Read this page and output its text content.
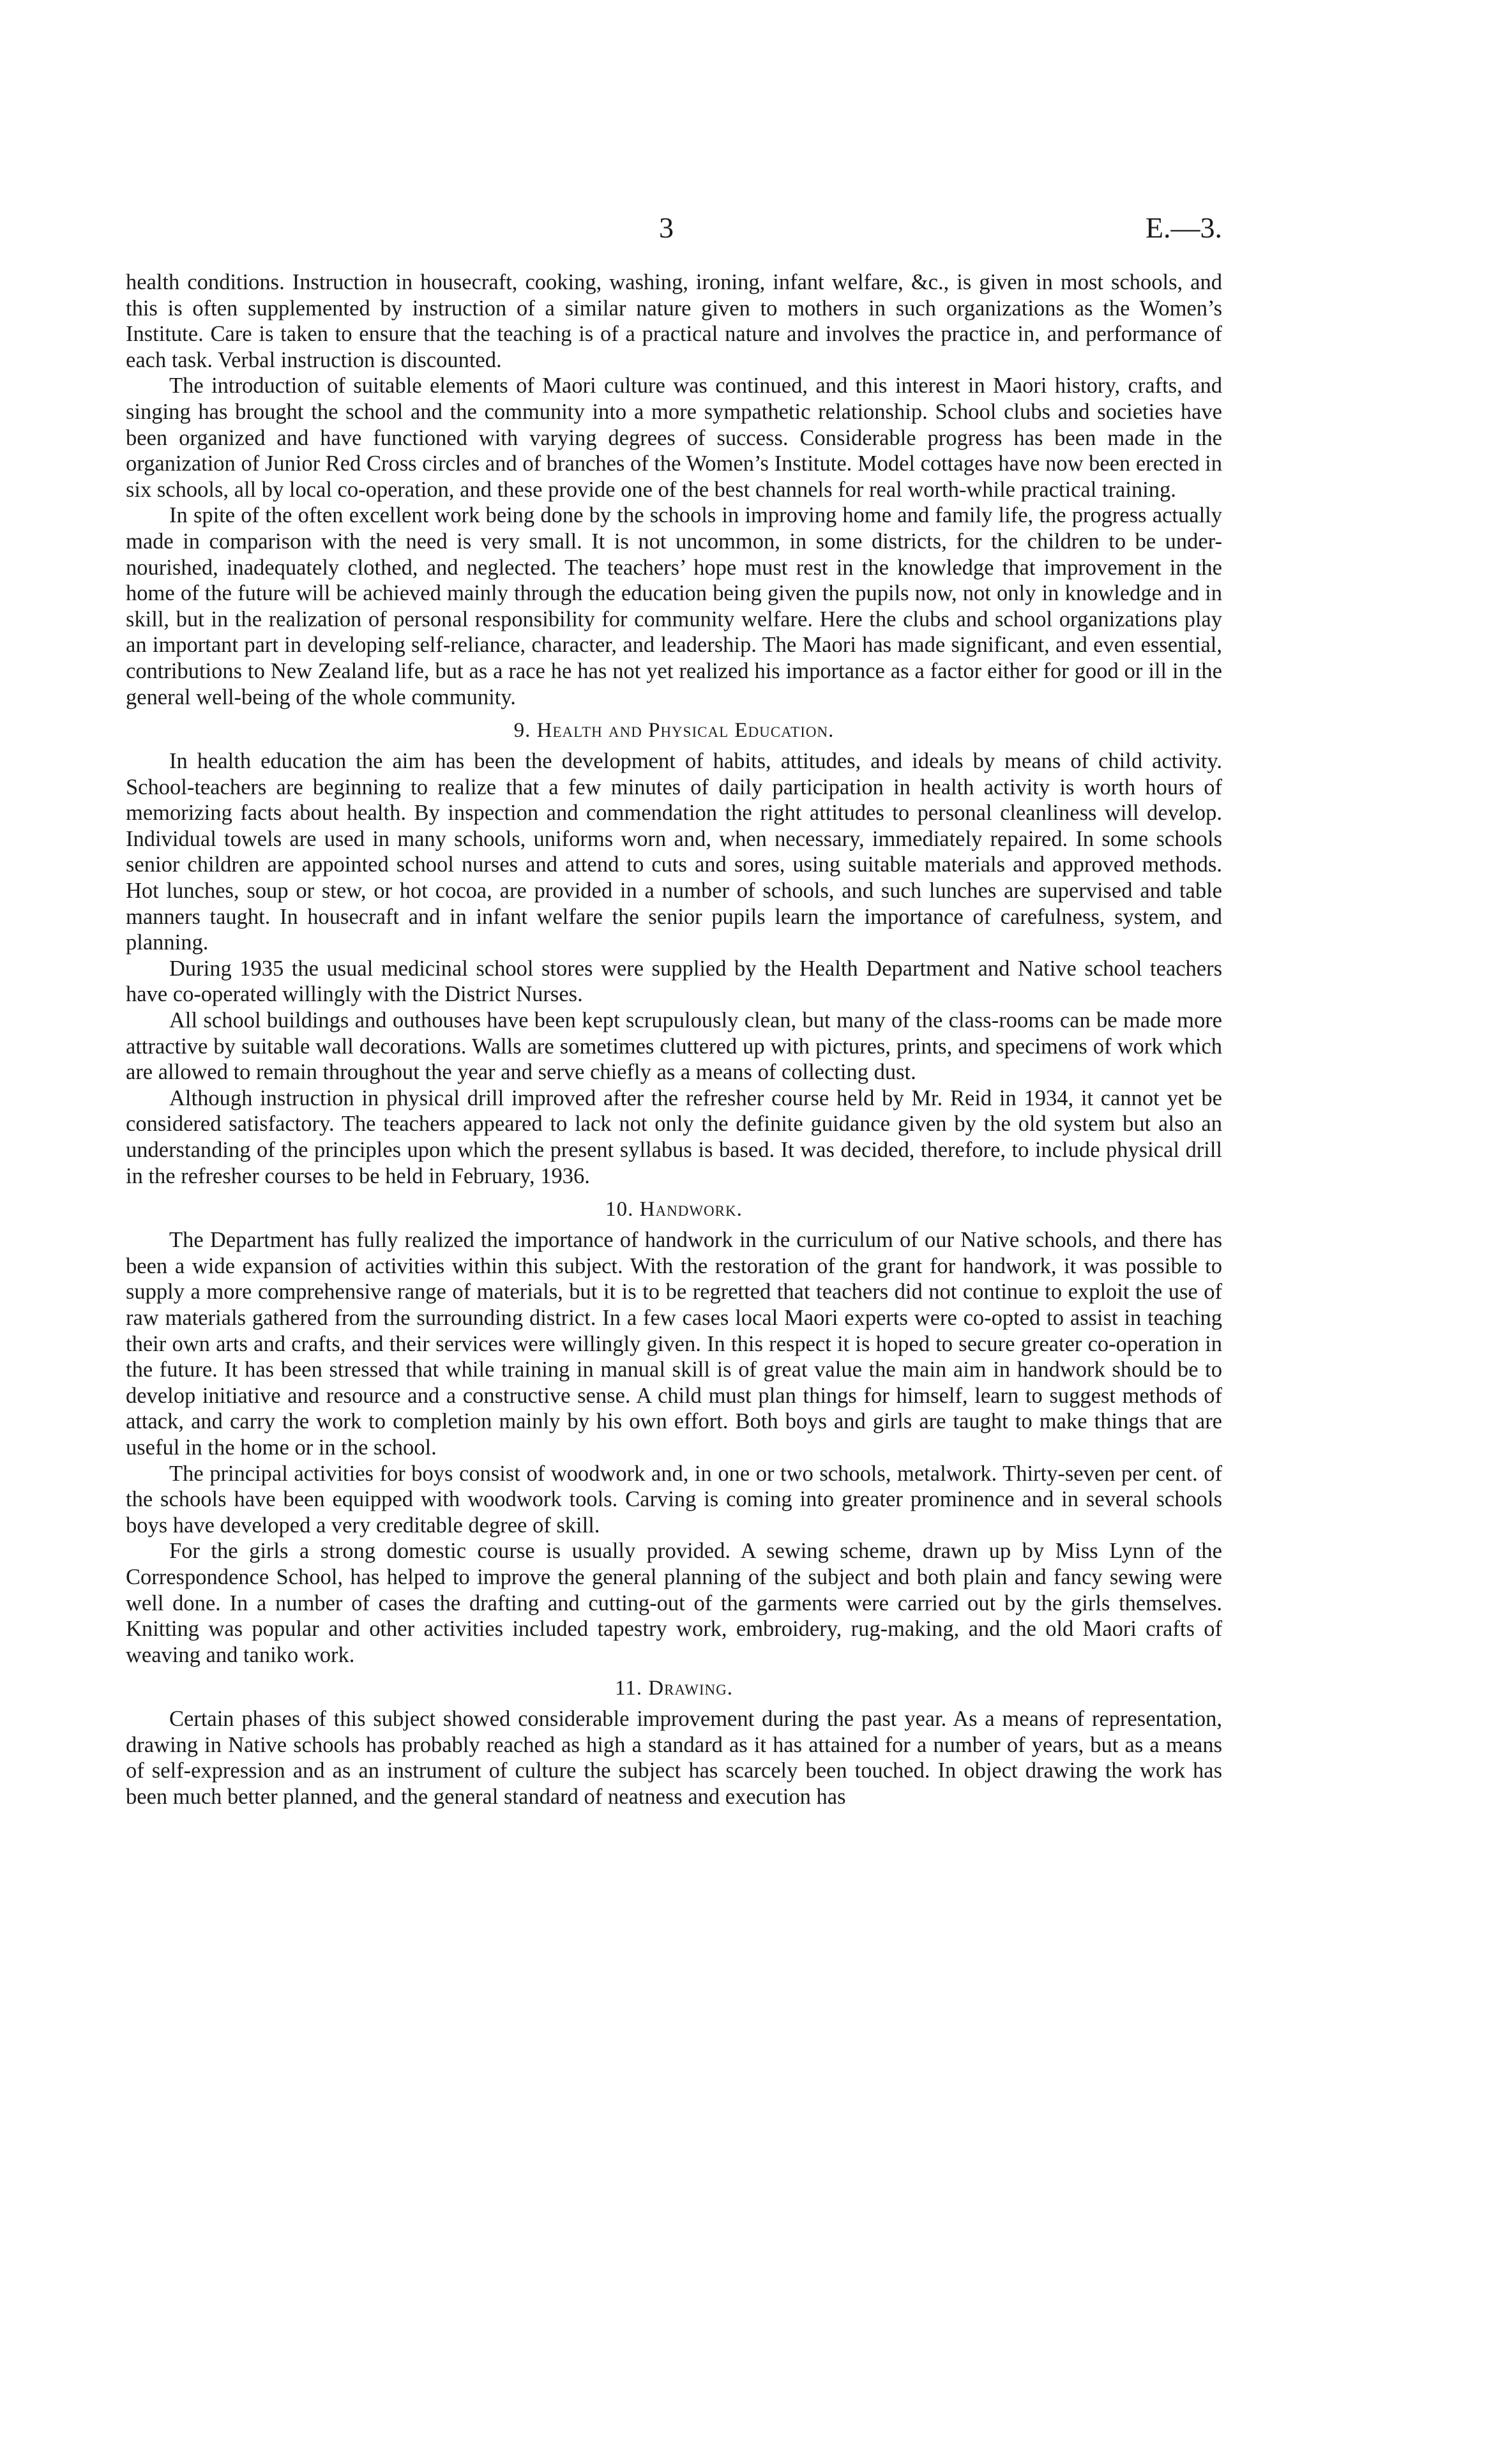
3	E.—3.

health conditions. Instruction in housecraft, cooking, washing, ironing, infant welfare, &c., is given in most schools, and this is often supplemented by instruction of a similar nature given to mothers in such organizations as the Women’s Institute. Care is taken to ensure that the teaching is of a practical nature and involves the practice in, and performance of each task. Verbal instruction is discounted.

The introduction of suitable elements of Maori culture was continued, and this interest in Maori history, crafts, and singing has brought the school and the community into a more sympathetic relationship. School clubs and societies have been organized and have functioned with varying degrees of success. Considerable progress has been made in the organization of Junior Red Cross circles and of branches of the Women’s Institute. Model cottages have now been erected in six schools, all by local co-operation, and these provide one of the best channels for real worth-while practical training.

In spite of the often excellent work being done by the schools in improving home and family life, the progress actually made in comparison with the need is very small. It is not uncommon, in some districts, for the children to be under-nourished, inadequately clothed, and neglected. The teachers’ hope must rest in the knowledge that improvement in the home of the future will be achieved mainly through the education being given the pupils now, not only in knowledge and in skill, but in the realization of personal responsibility for community welfare. Here the clubs and school organizations play an important part in developing self-reliance, character, and leadership. The Maori has made significant, and even essential, contributions to New Zealand life, but as a race he has not yet realized his importance as a factor either for good or ill in the general well-being of the whole community.

9. Health and Physical Education.

In health education the aim has been the development of habits, attitudes, and ideals by means of child activity. School-teachers are beginning to realize that a few minutes of daily participation in health activity is worth hours of memorizing facts about health. By inspection and commendation the right attitudes to personal cleanliness will develop. Individual towels are used in many schools, uniforms worn and, when necessary, immediately repaired. In some schools senior children are appointed school nurses and attend to cuts and sores, using suitable materials and approved methods. Hot lunches, soup or stew, or hot cocoa, are provided in a number of schools, and such lunches are supervised and table manners taught. In housecraft and in infant welfare the senior pupils learn the importance of carefulness, system, and planning.

During 1935 the usual medicinal school stores were supplied by the Health Department and Native school teachers have co-operated willingly with the District Nurses.

All school buildings and outhouses have been kept scrupulously clean, but many of the class-rooms can be made more attractive by suitable wall decorations. Walls are sometimes cluttered up with pictures, prints, and specimens of work which are allowed to remain throughout the year and serve chiefly as a means of collecting dust.

Although instruction in physical drill improved after the refresher course held by Mr. Reid in 1934, it cannot yet be considered satisfactory. The teachers appeared to lack not only the definite guidance given by the old system but also an understanding of the principles upon which the present syllabus is based. It was decided, therefore, to include physical drill in the refresher courses to be held in February, 1936.

10. Handwork.

The Department has fully realized the importance of handwork in the curriculum of our Native schools, and there has been a wide expansion of activities within this subject. With the restoration of the grant for handwork, it was possible to supply a more comprehensive range of materials, but it is to be regretted that teachers did not continue to exploit the use of raw materials gathered from the surrounding district. In a few cases local Maori experts were co-opted to assist in teaching their own arts and crafts, and their services were willingly given. In this respect it is hoped to secure greater co-operation in the future. It has been stressed that while training in manual skill is of great value the main aim in handwork should be to develop initiative and resource and a constructive sense. A child must plan things for himself, learn to suggest methods of attack, and carry the work to completion mainly by his own effort. Both boys and girls are taught to make things that are useful in the home or in the school.

The principal activities for boys consist of woodwork and, in one or two schools, metalwork. Thirty-seven per cent. of the schools have been equipped with woodwork tools. Carving is coming into greater prominence and in several schools boys have developed a very creditable degree of skill.

For the girls a strong domestic course is usually provided. A sewing scheme, drawn up by Miss Lynn of the Correspondence School, has helped to improve the general planning of the subject and both plain and fancy sewing were well done. In a number of cases the drafting and cutting-out of the garments were carried out by the girls themselves. Knitting was popular and other activities included tapestry work, embroidery, rug-making, and the old Maori crafts of weaving and taniko work.

11. Drawing.

Certain phases of this subject showed considerable improvement during the past year. As a means of representation, drawing in Native schools has probably reached as high a standard as it has attained for a number of years, but as a means of self-expression and as an instrument of culture the subject has scarcely been touched. In object drawing the work has been much better planned, and the general standard of neatness and execution has
